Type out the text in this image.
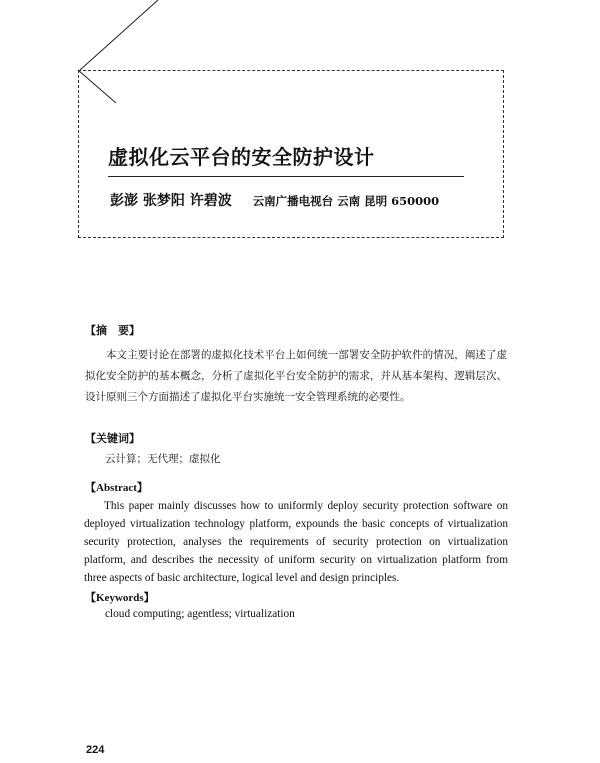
虚拟化云平台的安全防护设计
彭澎 张梦阳 许碧波 云南广播电视台 云南 昆明 650000
【摘　要】

本文主要讨论在部署的虚拟化技术平台上如何统一部署安全防护软件的情况，阐述了虚拟化安全防护的基本概念，分析了虚拟化平台安全防护的需求，并从基本架构、逻辑层次、设计原则三个方面描述了虚拟化平台实施统一安全管理系统的必要性。

【关键词】
云计算；无代理；虚拟化
【Abstract】

This paper mainly discusses how to uniformly deploy security protection software on deployed virtualization technology platform, expounds the basic concepts of virtualization security protection, analyses the requirements of security protection on virtualization platform, and describes the necessity of uniform security on virtualization platform from three aspects of basic architecture, logical level and design principles.

【Keywords】
cloud computing; agentless; virtualization
224
